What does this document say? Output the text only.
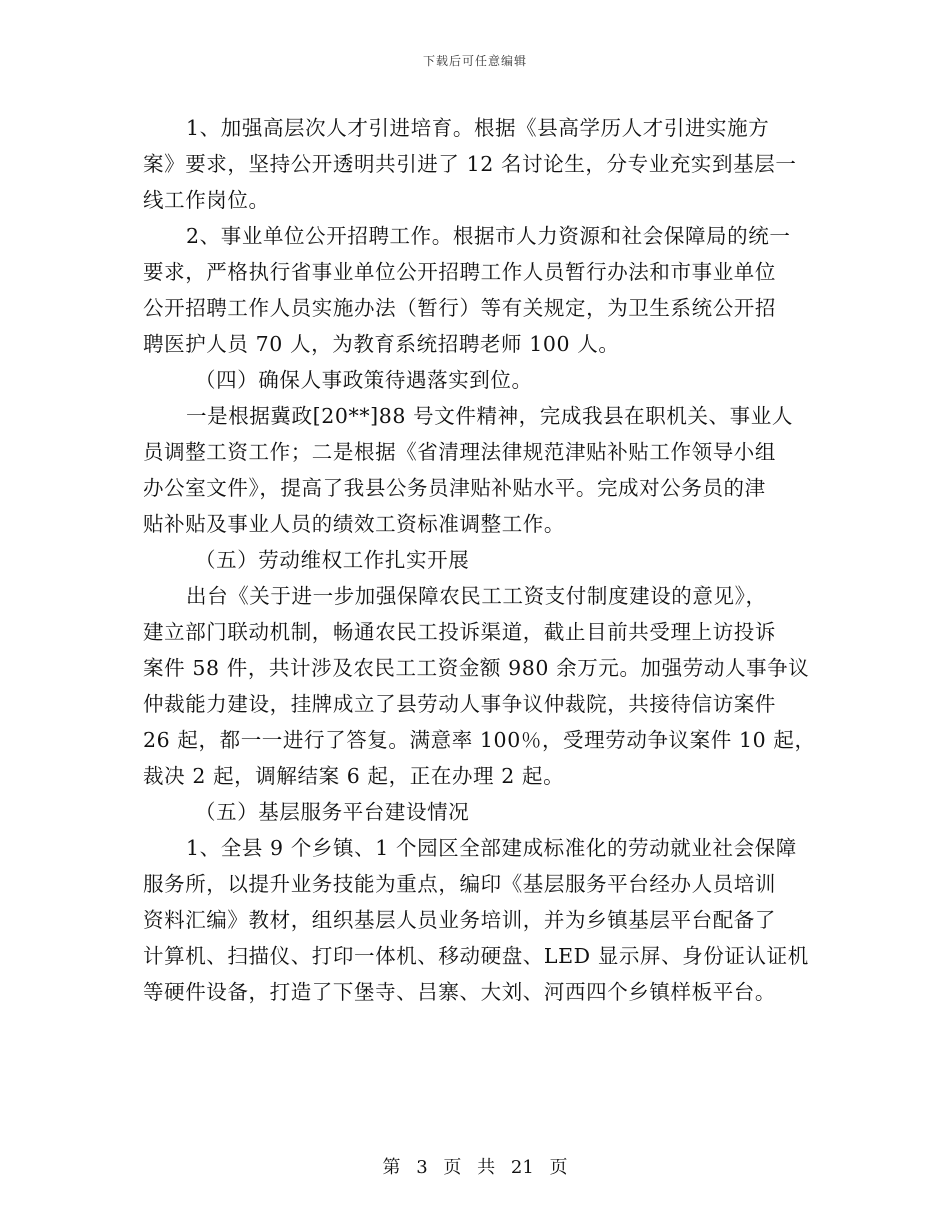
下载后可任意编辑
1、加强高层次人才引进培育。根据《县高学历人才引进实施方
案》要求，坚持公开透明共引进了 12 名讨论生，分专业充实到基层一
线工作岗位。
2、事业单位公开招聘工作。根据市人力资源和社会保障局的统一
要求，严格执行省事业单位公开招聘工作人员暂行办法和市事业单位
公开招聘工作人员实施办法（暂行）等有关规定，为卫生系统公开招
聘医护人员 70 人，为教育系统招聘老师 100 人。
（四）确保人事政策待遇落实到位。
一是根据冀政[20**]88 号文件精神，完成我县在职机关、事业人
员调整工资工作；二是根据《省清理法律规范津贴补贴工作领导小组
办公室文件》，提高了我县公务员津贴补贴水平。完成对公务员的津
贴补贴及事业人员的绩效工资标准调整工作。
（五）劳动维权工作扎实开展
出台《关于进一步加强保障农民工工资支付制度建设的意见》，
建立部门联动机制，畅通农民工投诉渠道，截止目前共受理上访投诉
案件 58 件，共计涉及农民工工资金额 980 余万元。加强劳动人事争议
仲裁能力建设，挂牌成立了县劳动人事争议仲裁院，共接待信访案件
26 起，都一一进行了答复。满意率 100％，受理劳动争议案件 10 起，
裁决 2 起，调解结案 6 起，正在办理 2 起。
（五）基层服务平台建设情况
1、全县 9 个乡镇、1 个园区全部建成标准化的劳动就业社会保障
服务所，以提升业务技能为重点，编印《基层服务平台经办人员培训
资料汇编》教材，组织基层人员业务培训，并为乡镇基层平台配备了
计算机、扫描仪、打印一体机、移动硬盘、LED 显示屏、身份证认证机
等硬件设备，打造了下堡寺、吕寨、大刘、河西四个乡镇样板平台。
第 3 页 共 21 页
